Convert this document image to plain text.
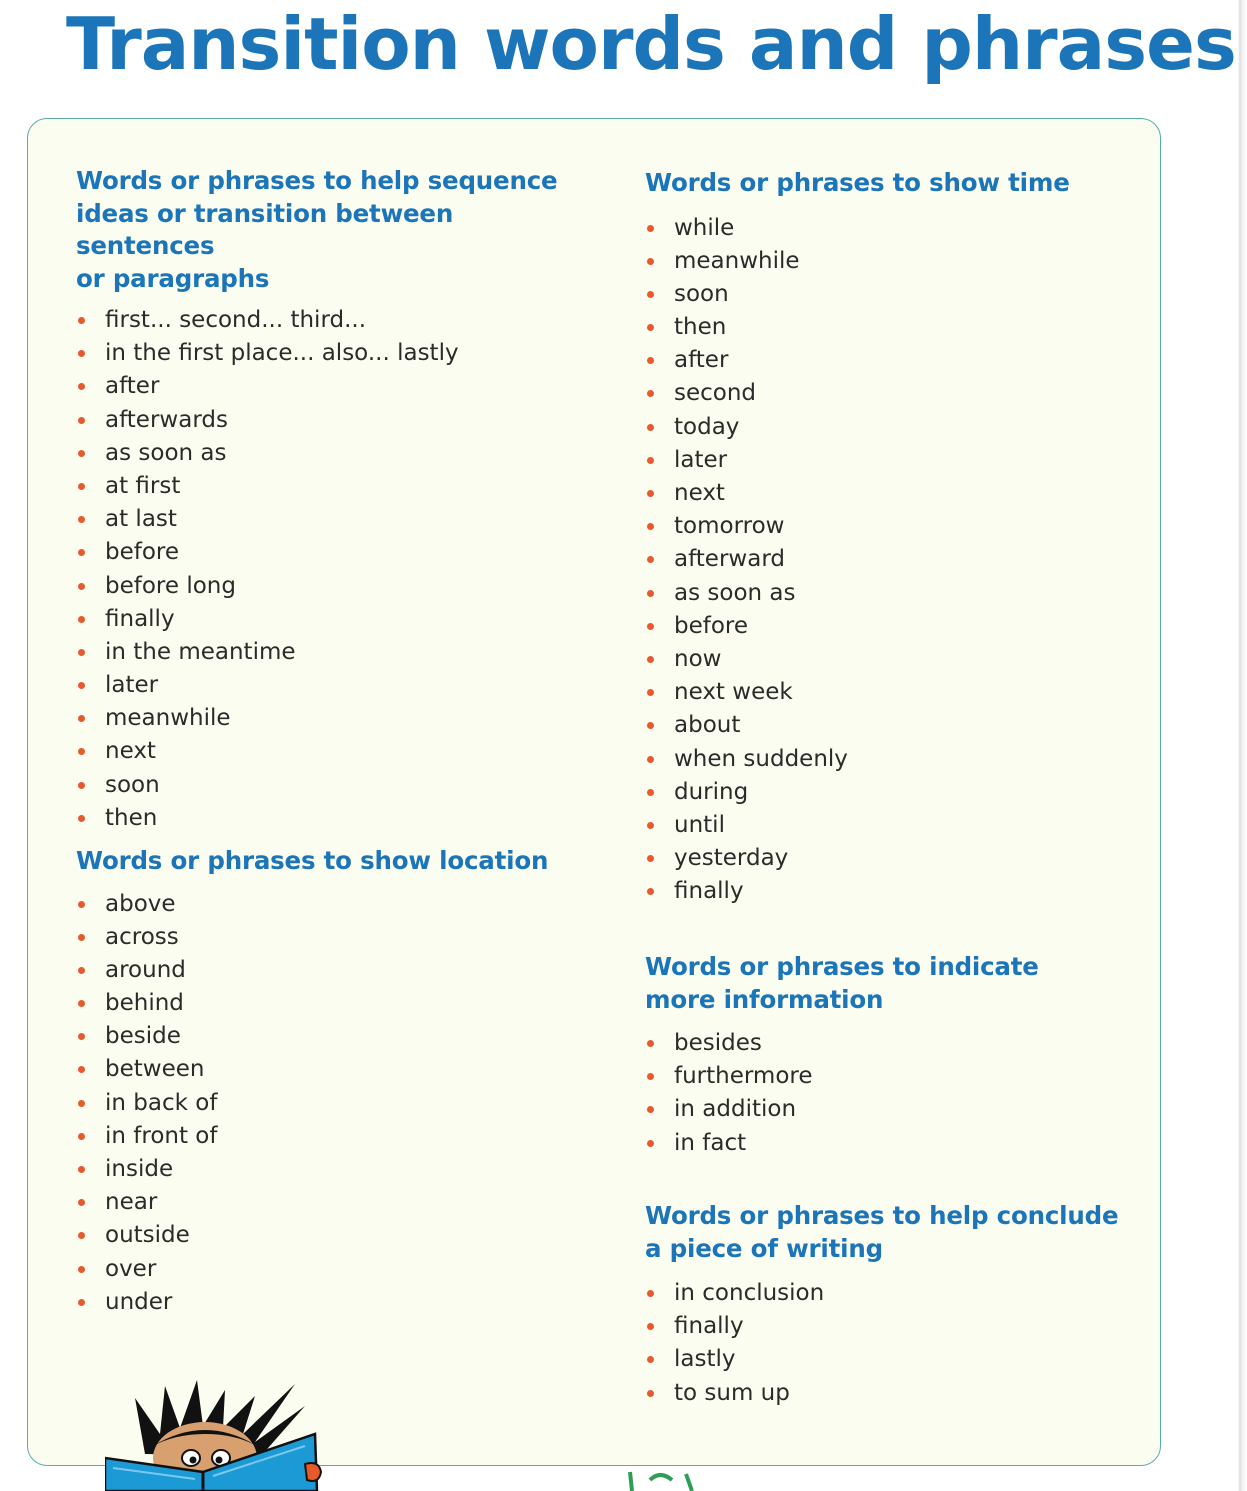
Transition words and phrases
Words or phrases to help sequence
ideas or transition between sentences
or paragraphs
first... second... third...
in the first place... also... lastly
after
afterwards
as soon as
at first
at last
before
before long
finally
in the meantime
later
meanwhile
next
soon
then
Words or phrases to show location
above
across
around
behind
beside
between
in back of
in front of
inside
near
outside
over
under
Words or phrases to show time
while
meanwhile
soon
then
after
second
today
later
next
tomorrow
afterward
as soon as
before
now
next week
about
when suddenly
during
until
yesterday
finally
Words or phrases to indicate
more information
besides
furthermore
in addition
in fact
Words or phrases to help conclude
a piece of writing
in conclusion
finally
lastly
to sum up
